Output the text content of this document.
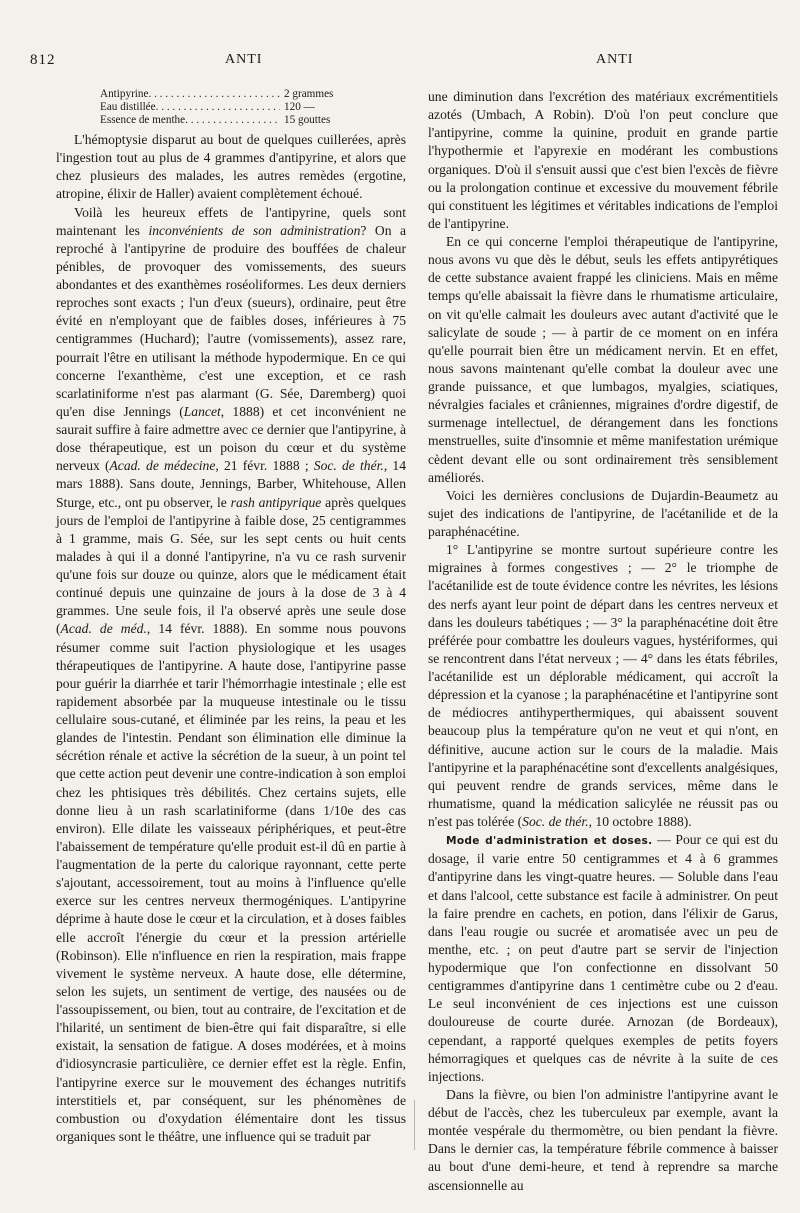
812	ANTI	ANTI
Antipyrine . . .	2 grammes
Eau distillée . . .	120 —
Essence de menthe . . .	15 gouttes

L'hémoptysie disparut au bout de quelques cuillerées, après l'ingestion tout au plus de 4 grammes d'antipyrine, et alors que chez plusieurs des malades, les autres remèdes (ergotine, atropine, élixir de Haller) avaient complètement échoué.

Voilà les heureux effets de l'antipyrine, quels sont maintenant les inconvénients de son administration? On a reproché à l'antipyrine de produire des bouffées de chaleur pénibles, de provoquer des vomissements, des sueurs abondantes et des exanthèmes roséoliformes. Les deux derniers reproches sont exacts ; l'un d'eux (sueurs), ordinaire, peut être évité en n'employant que de faibles doses, inférieures à 75 centigrammes (Huchard); l'autre (vomissements), assez rare, pourrait l'être en utilisant la méthode hypodermique. En ce qui concerne l'exanthème, c'est une exception, et ce rash scarlatiniforme n'est pas alarmant (G. Sée, Daremberg) quoi qu'en dise Jennings (Lancet, 1888) et cet inconvénient ne saurait suffire à faire admettre avec ce dernier que l'antipyrine, à dose thérapeutique, est un poison du cœur et du système nerveux (Acad. de médecine, 21 févr. 1888 ; Soc. de thér., 14 mars 1888). Sans doute, Jennings, Barber, Whitehouse, Allen Sturge, etc., ont pu observer, le rash antipyrique après quelques jours de l'emploi de l'antipyrine à faible dose, 25 centigrammes à 1 gramme, mais G. Sée, sur les sept cents ou huit cents malades à qui il a donné l'antipyrine, n'a vu ce rash survenir qu'une fois sur douze ou quinze, alors que le médicament était continué depuis une quinzaine de jours à la dose de 3 à 4 grammes. Une seule fois, il l'a observé après une seule dose (Acad. de méd., 14 févr. 1888). En somme nous pouvons résumer comme suit l'action physiologique et les usages thérapeutiques de l'antipyrine. A haute dose, l'antipyrine passe pour guérir la diarrhée et tarir l'hémorrhagie intestinale ; elle est rapidement absorbée par la muqueuse intestinale ou le tissu cellulaire sous-cutané, et éliminée par les reins, la peau et les glandes de l'intestin. Pendant son élimination elle diminue la sécrétion rénale et active la sécrétion de la sueur, à un point tel que cette action peut devenir une contre-indication à son emploi chez les phtisiques très débilités. Chez certains sujets, elle donne lieu à un rash scarlatiniforme (dans 1/10e des cas environ). Elle dilate les vaisseaux périphériques, et peut-être l'abaissement de température qu'elle produit est-il dû en partie à l'augmentation de la perte du calorique rayonnant, cette perte s'ajoutant, accessoirement, tout au moins à l'influence qu'elle exerce sur les centres nerveux thermogéniques. L'antipyrine déprime à haute dose le cœur et la circulation, et à doses faibles elle accroît l'énergie du cœur et la pression artérielle (Robinson). Elle n'influence en rien la respiration, mais frappe vivement le système nerveux. A haute dose, elle détermine, selon les sujets, un sentiment de vertige, des nausées ou de l'assoupissement, ou bien, tout au contraire, de l'excitation et de l'hilarité, un sentiment de bien-être qui fait disparaître, si elle existait, la sensation de fatigue. A doses modérées, et à moins d'idiosyncrasie particulière, ce dernier effet est la règle. Enfin, l'antipyrine exerce sur le mouvement des échanges nutritifs interstitiels et, par conséquent, sur les phénomènes de combustion ou d'oxydation élémentaire dont les tissus organiques sont le théâtre, une influence qui se traduit par

une diminution dans l'excrétion des matériaux excrémentitiels azotés (Umbach, A Robin). D'où l'on peut conclure que l'antipyrine, comme la quinine, produit en grande partie l'hypothermie et l'apyrexie en modérant les combustions organiques. D'où il s'ensuit aussi que c'est bien l'excès de fièvre ou la prolongation continue et excessive du mouvement fébrile qui constituent les légitimes et véritables indications de l'emploi de l'antipyrine.

En ce qui concerne l'emploi thérapeutique de l'antipyrine, nous avons vu que dès le début, seuls les effets antipyrétiques de cette substance avaient frappé les cliniciens. Mais en même temps qu'elle abaissait la fièvre dans le rhumatisme articulaire, on vit qu'elle calmait les douleurs avec autant d'activité que le salicylate de soude ; — à partir de ce moment on en inféra qu'elle pourrait bien être un médicament nervin. Et en effet, nous savons maintenant qu'elle combat la douleur avec une grande puissance, et que lumbagos, myalgies, sciatiques, névralgies faciales et crâniennes, migraines d'ordre digestif, de surmenage intellectuel, de dérangement dans les fonctions menstruelles, suite d'insomnie et même manifestation urémique cèdent devant elle ou sont ordinairement très sensiblement améliorés.

Voici les dernières conclusions de Dujardin-Beaumetz au sujet des indications de l'antipyrine, de l'acétanilide et de la paraphénacétine.

1° L'antipyrine se montre surtout supérieure contre les migraines à formes congestives ; — 2° le triomphe de l'acétanilide est de toute évidence contre les névrites, les lésions des nerfs ayant leur point de départ dans les centres nerveux et dans les douleurs tabétiques ; — 3° la paraphénacétine doit être préférée pour combattre les douleurs vagues, hystériformes, qui se rencontrent dans l'état nerveux ; — 4° dans les états fébriles, l'acétanilide est un déplorable médicament, qui accroît la dépression et la cyanose ; la paraphénacétine et l'antipyrine sont de médiocres antihyperthermiques, qui abaissent souvent beaucoup plus la température qu'on ne veut et qui n'ont, en définitive, aucune action sur le cours de la maladie. Mais l'antipyrine et la paraphénacétine sont d'excellents analgésiques, qui peuvent rendre de grands services, même dans le rhumatisme, quand la médication salicylée ne réussit pas ou n'est pas tolérée (Soc. de thér., 10 octobre 1888).

Mode d'administration et doses. — Pour ce qui est du dosage, il varie entre 50 centigrammes et 4 à 6 grammes d'antipyrine dans les vingt-quatre heures. — Soluble dans l'eau et dans l'alcool, cette substance est facile à administrer. On peut la faire prendre en cachets, en potion, dans l'élixir de Garus, dans l'eau rougie ou sucrée et aromatisée avec un peu de menthe, etc. ; on peut d'autre part se servir de l'injection hypodermique que l'on confectionne en dissolvant 50 centigrammes d'antipyrine dans 1 centimètre cube ou 2 d'eau. Le seul inconvénient de ces injections est une cuisson douloureuse de courte durée. Arnozan (de Bordeaux), cependant, a rapporté quelques exemples de petits foyers hémorragiques et quelques cas de névrite à la suite de ces injections.

Dans la fièvre, ou bien l'on administre l'antipyrine avant le début de l'accès, chez les tuberculeux par exemple, avant la montée vespérale du thermomètre, ou bien pendant la fièvre. Dans le dernier cas, la température fébrile commence à baisser au bout d'une demi-heure, et tend à reprendre sa marche ascensionnelle au
